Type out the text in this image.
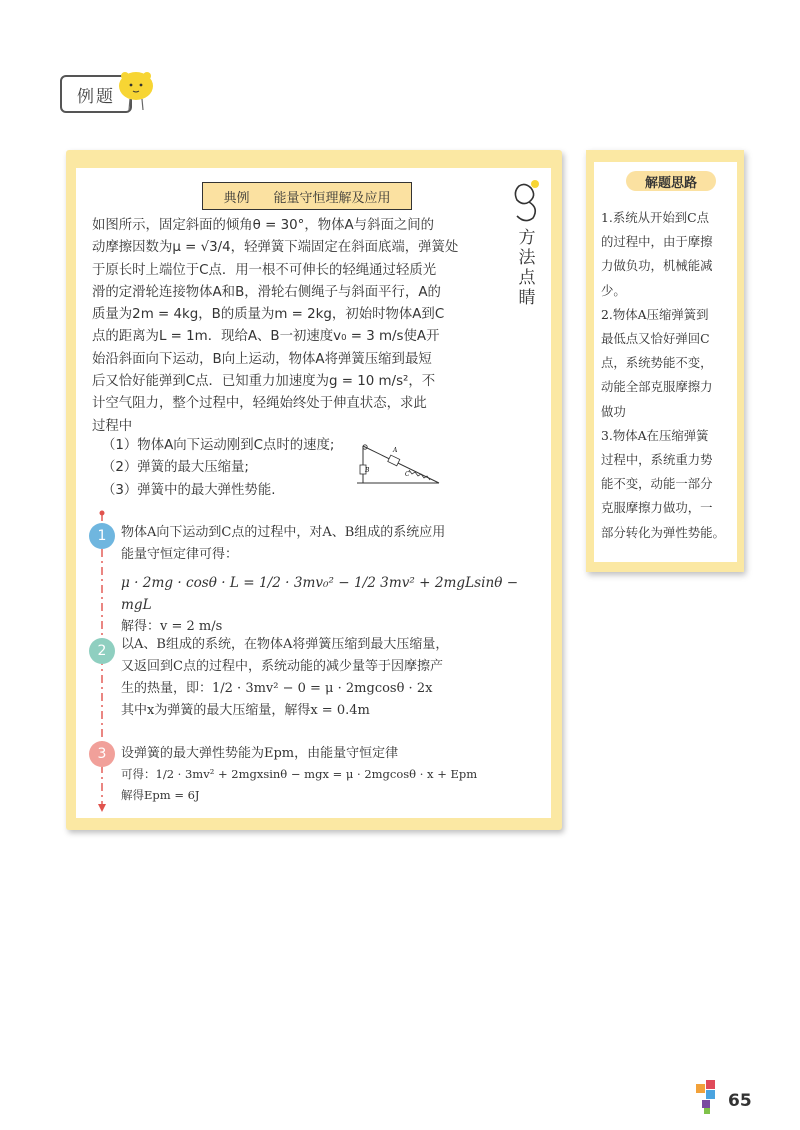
例题
典例 能量守恒理解及应用
方
法
点
睛

如图所示，固定斜面的倾角θ = 30°，物体A与斜面之间的

动摩擦因数为μ = √3/4，轻弹簧下端固定在斜面底端，弹簧处

于原长时上端位于C点．用一根不可伸长的轻绳通过轻质光

滑的定滑轮连接物体A和B，滑轮右侧绳子与斜面平行，A的

质量为2m = 4kg，B的质量为m = 2kg，初始时物体A到C

点的距离为L = 1m．现给A、B一初速度v₀ = 3 m/s使A开

始沿斜面向下运动，B向上运动，物体A将弹簧压缩到最短

后又恰好能弹到C点．已知重力加速度为g = 10 m/s²，不

计空气阻力，整个过程中，轻绳始终处于伸直状态，求此

过程中

（1）物体A向下运动刚到C点时的速度;
（2）弹簧的最大压缩量;
（3）弹簧中的最大弹性势能.
B
A
C
1
2
3
物体A向下运动到C点的过程中，对A、B组成的系统应用
能量守恒定律可得：
μ · 2mg · cosθ · L = 1/2 · 3mv₀² − 1/2 3mv² + 2mgLsinθ − mgL
解得：v = 2 m/s
以A、B组成的系统，在物体A将弹簧压缩到最大压缩量，
又返回到C点的过程中，系统动能的减少量等于因摩擦产
生的热量，即：1/2 · 3mv² − 0 = μ · 2mgcosθ · 2x
其中x为弹簧的最大压缩量，解得x = 0.4m
设弹簧的最大弹性势能为Epm，由能量守恒定律
可得：1/2 · 3mv² + 2mgxsinθ − mgx = μ · 2mgcosθ · x + Epm
解得Epm = 6J
解题思路

1.系统从开始到C点

的过程中，由于摩擦

力做负功，机械能减

少。

2.物体A压缩弹簧到

最低点又恰好弹回C

点，系统势能不变，

动能全部克服摩擦力

做功

3.物体A在压缩弹簧

过程中，系统重力势

能不变，动能一部分

克服摩擦力做功，一

部分转化为弹性势能。

65
